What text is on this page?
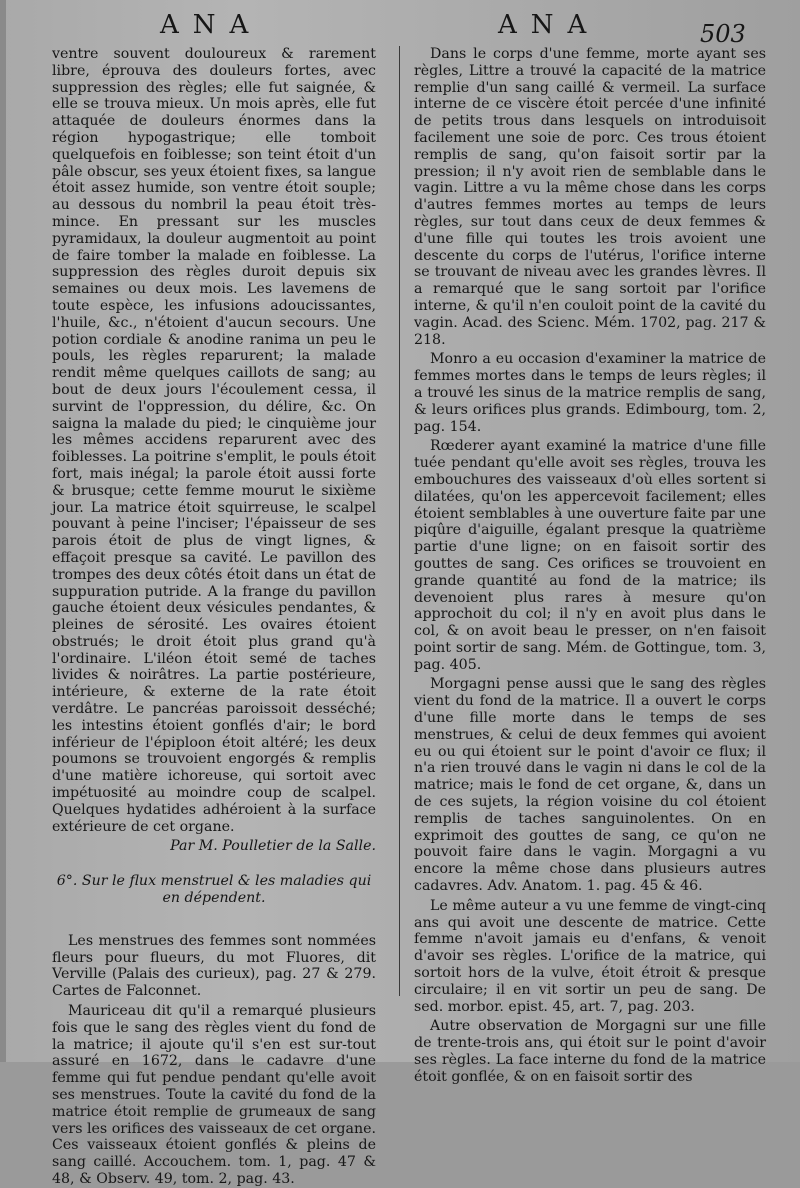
ANA	ANA	503

ventre souvent douloureux & rarement libre, éprouva des douleurs fortes, avec suppression des règles; elle fut saignée, & elle se trouva mieux. Un mois après, elle fut attaquée de douleurs énormes dans la région hypogastrique; elle tomboit quelquefois en foiblesse; son teint étoit d'un pâle obscur, ses yeux étoient fixes, sa langue étoit assez humide, son ventre étoit souple; au dessous du nombril la peau étoit très-mince. En pressant sur les muscles pyramidaux, la douleur augmentoit au point de faire tomber la malade en foiblesse. La suppression des règles duroit depuis six semaines ou deux mois. Les lavemens de toute espèce, les infusions adoucissantes, l'huile, &c., n'étoient d'aucun secours. Une potion cordiale & anodine ranima un peu le pouls, les règles reparurent; la malade rendit même quelques caillots de sang; au bout de deux jours l'écoulement cessa, il survint de l'oppression, du délire, &c. On saigna la malade du pied; le cinquième jour les mêmes accidens reparurent avec des foiblesses. La poitrine s'emplit, le pouls étoit fort, mais inégal; la parole étoit aussi forte & brusque; cette femme mourut le sixième jour. La matrice étoit squirreuse, le scalpel pouvant à peine l'inciser; l'épaisseur de ses parois étoit de plus de vingt lignes, & effaçoit presque sa cavité. Le pavillon des trompes des deux côtés étoit dans un état de suppuration putride. A la frange du pavillon gauche étoient deux vésicules pendantes, & pleines de sérosité. Les ovaires étoient obstrués; le droit étoit plus grand qu'à l'ordinaire. L'iléon étoit semé de taches livides & noirâtres. La partie postérieure, intérieure, & externe de la rate étoit verdâtre. Le pancréas paroissoit desséché; les intestins étoient gonflés d'air; le bord inférieur de l'épiploon étoit altéré; les deux poumons se trouvoient engorgés & remplis d'une matière ichoreuse, qui sortoit avec impétuosité au moindre coup de scalpel. Quelques hydatides adhéroient à la surface extérieure de cet organe.

Par M. Poulletier de la Salle.

6°. Sur le flux menstruel & les maladies qui en dépendent.

Les menstrues des femmes sont nommées fleurs pour flueurs, du mot Fluores, dit Verville (Palais des curieux), pag. 27 & 279. Cartes de Falconnet.

Mauriceau dit qu'il a remarqué plusieurs fois que le sang des règles vient du fond de la matrice; il ajoute qu'il s'en est sur-tout assuré en 1672, dans le cadavre d'une femme qui fut pendue pendant qu'elle avoit ses menstrues. Toute la cavité du fond de la matrice étoit remplie de grumeaux de sang vers les orifices des vaisseaux de cet organe. Ces vaisseaux étoient gonflés & pleins de sang caillé. Accouchem. tom. 1, pag. 47 & 48, & Observ. 49, tom. 2, pag. 43.

Dans le corps d'une femme, morte ayant ses règles, Littre a trouvé la capacité de la matrice remplie d'un sang caillé & vermeil. La surface interne de ce viscère étoit percée d'une infinité de petits trous dans lesquels on introduisoit facilement une soie de porc. Ces trous étoient remplis de sang, qu'on faisoit sortir par la pression; il n'y avoit rien de semblable dans le vagin. Littre a vu la même chose dans les corps d'autres femmes mortes au temps de leurs règles, sur tout dans ceux de deux femmes & d'une fille qui toutes les trois avoient une descente du corps de l'utérus, l'orifice interne se trouvant de niveau avec les grandes lèvres. Il a remarqué que le sang sortoit par l'orifice interne, & qu'il n'en couloit point de la cavité du vagin. Acad. des Scienc. Mém. 1702, pag. 217 & 218.

Monro a eu occasion d'examiner la matrice de femmes mortes dans le temps de leurs règles; il a trouvé les sinus de la matrice remplis de sang, & leurs orifices plus grands. Edimbourg, tom. 2, pag. 154.

Rœderer ayant examiné la matrice d'une fille tuée pendant qu'elle avoit ses règles, trouva les embouchures des vaisseaux d'où elles sortent si dilatées, qu'on les appercevoit facilement; elles étoient semblables à une ouverture faite par une piqûre d'aiguille, égalant presque la quatrième partie d'une ligne; on en faisoit sortir des gouttes de sang. Ces orifices se trouvoient en grande quantité au fond de la matrice; ils devenoient plus rares à mesure qu'on approchoit du col; il n'y en avoit plus dans le col, & on avoit beau le presser, on n'en faisoit point sortir de sang. Mém. de Gottingue, tom. 3, pag. 405.

Morgagni pense aussi que le sang des règles vient du fond de la matrice. Il a ouvert le corps d'une fille morte dans le temps de ses menstrues, & celui de deux femmes qui avoient eu ou qui étoient sur le point d'avoir ce flux; il n'a rien trouvé dans le vagin ni dans le col de la matrice; mais le fond de cet organe, &, dans un de ces sujets, la région voisine du col étoient remplis de taches sanguinolentes. On en exprimoit des gouttes de sang, ce qu'on ne pouvoit faire dans le vagin. Morgagni a vu encore la même chose dans plusieurs autres cadavres. Adv. Anatom. 1. pag. 45 & 46.

Le même auteur a vu une femme de vingt-cinq ans qui avoit une descente de matrice. Cette femme n'avoit jamais eu d'enfans, & venoit d'avoir ses règles. L'orifice de la matrice, qui sortoit hors de la vulve, étoit étroit & presque circulaire; il en vit sortir un peu de sang. De sed. morbor. epist. 45, art. 7, pag. 203.

Autre observation de Morgagni sur une fille de trente-trois ans, qui étoit sur le point d'avoir ses règles. La face interne du fond de la matrice étoit gonflée, & on en faisoit sortir des
